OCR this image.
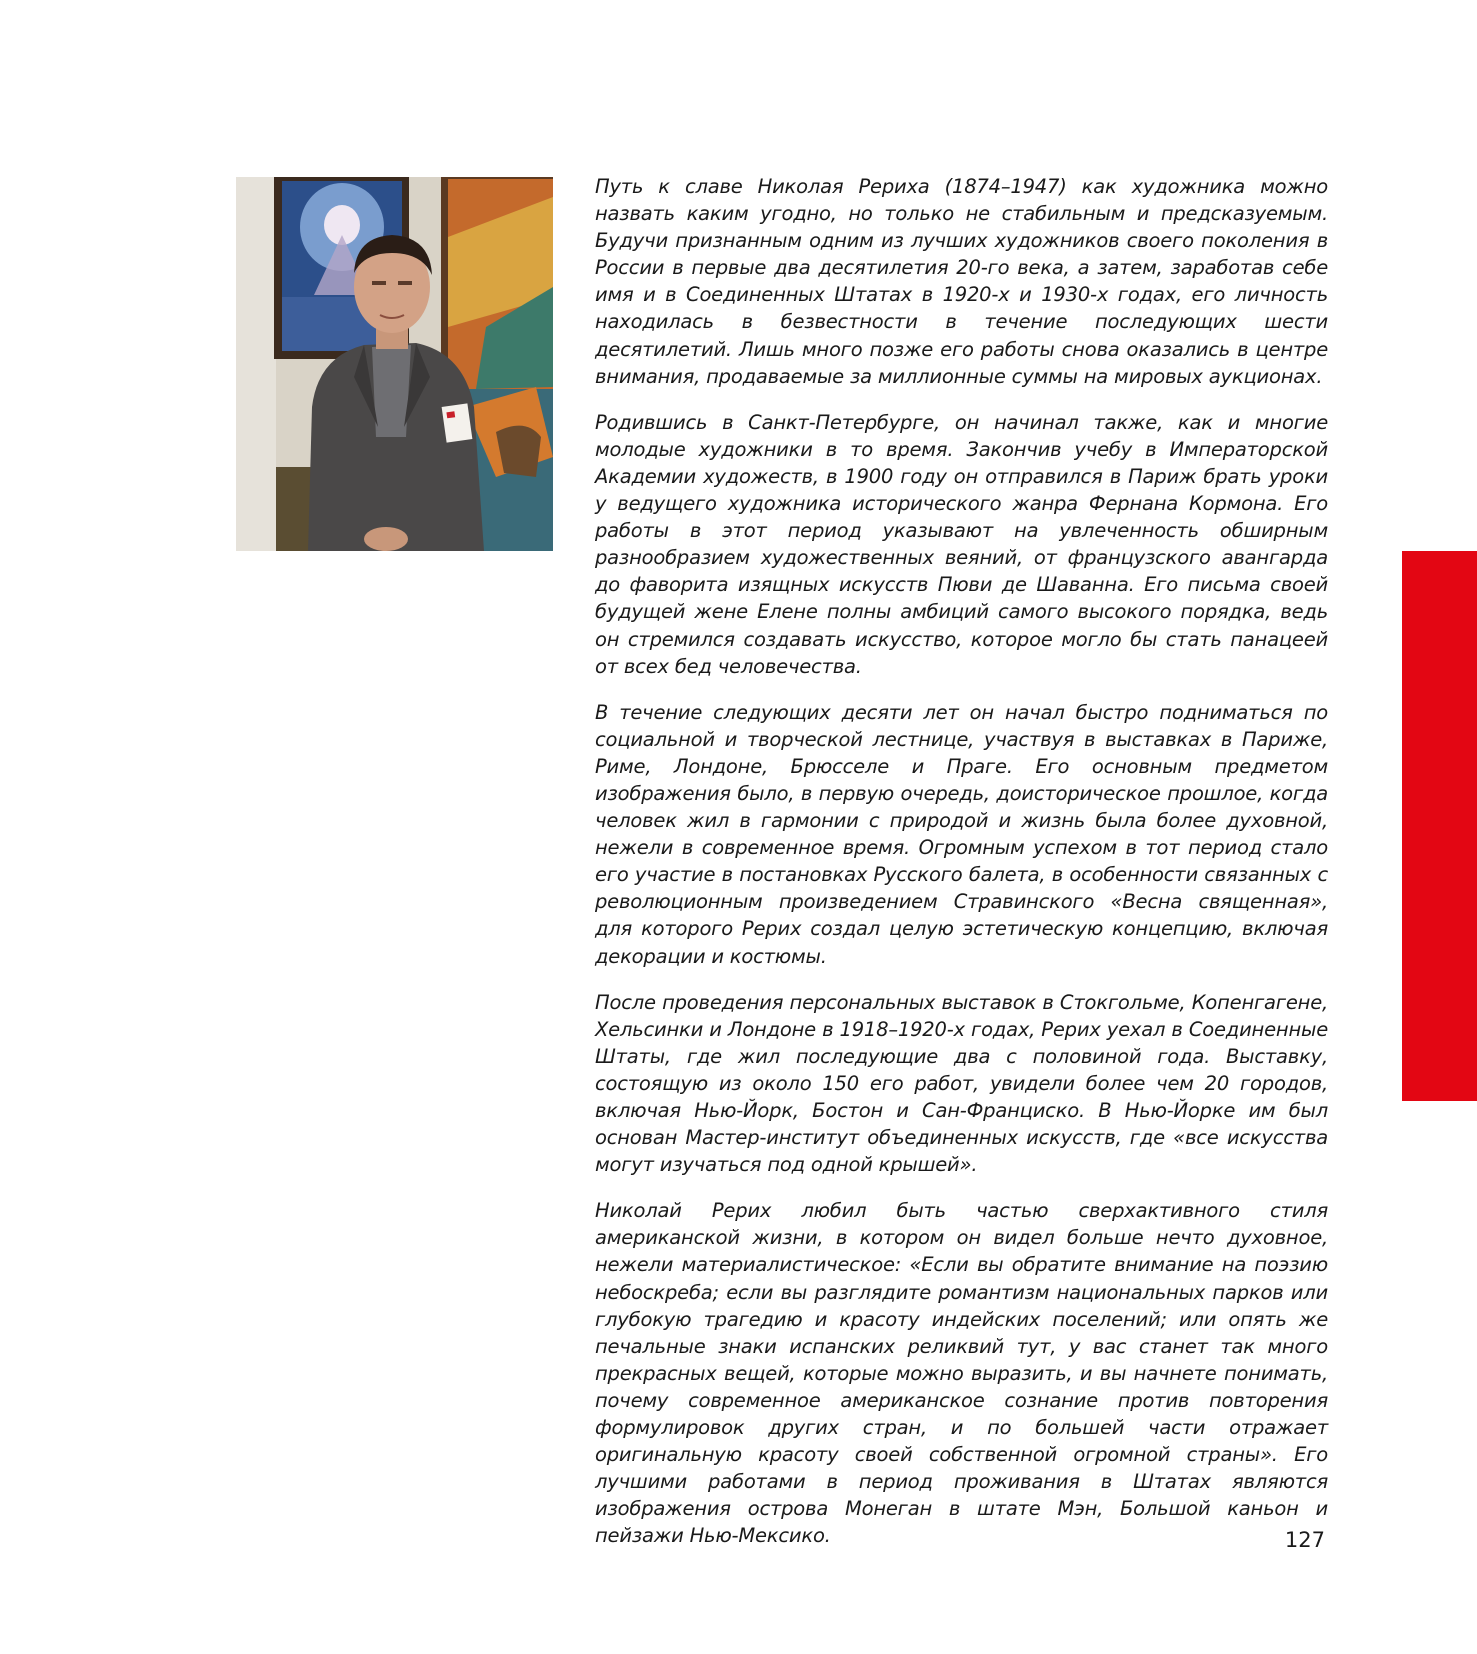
Путь к славе Николая Рериха (1874–1947) как художника можно назвать каким угодно, но только не стабильным и предсказуемым. Будучи признанным одним из лучших художников своего поколения в России в первые два десятилетия 20-го века, а затем, заработав себе имя и в Соединенных Штатах в 1920-х и 1930-х годах, его личность находилась в безвестности в течение последующих шести десятилетий. Лишь много позже его работы снова оказались в центре внимания, продаваемые за миллионные суммы на мировых аукционах.

Родившись в Санкт-Петербурге, он начинал также, как и многие молодые художники в то время. Закончив учебу в Императорской Академии художеств, в 1900 году он отправился в Париж брать уроки у ведущего художника исторического жанра Фернана Кормона. Его работы в этот период указывают на увлеченность обширным разнообразием художественных веяний, от французского авангарда до фаворита изящных искусств Пюви де Шаванна. Его письма своей будущей жене Елене полны амбиций самого высокого порядка, ведь он стремился создавать искусство, которое могло бы стать панацеей от всех бед человечества.

В течение следующих десяти лет он начал быстро подниматься по социальной и творческой лестнице, участвуя в выставках в Париже, Риме, Лондоне, Брюсселе и Праге. Его основным предметом изображения было, в первую очередь, доисторическое прошлое, когда человек жил в гармонии с природой и жизнь была более духовной, нежели в современное время. Огромным успехом в тот период стало его участие в постановках Русского балета, в особенности связанных с революционным произведением Стравинского «Весна священная», для которого Рерих создал целую эстетическую концепцию, включая декорации и костюмы.

После проведения персональных выставок в Стокгольме, Копенгагене, Хельсинки и Лондоне в 1918–1920-х годах, Рерих уехал в Соединенные Штаты, где жил последующие два с половиной года. Выставку, состоящую из около 150 его работ, увидели более чем 20 городов, включая Нью-Йорк, Бостон и Сан-Франциско. В Нью-Йорке им был основан Мастер-институт объединенных искусств, где «все искусства могут изучаться под одной крышей».

Николай Рерих любил быть частью сверхактивного стиля американской жизни, в котором он видел больше нечто духовное, нежели материалистическое: «Если вы обратите внимание на поэзию небоскреба; если вы разглядите романтизм национальных парков или глубокую трагедию и красоту индейских поселений; или опять же печальные знаки испанских реликвий тут, у вас станет так много прекрасных вещей, которые можно выразить, и вы начнете понимать, почему современное американское сознание против повторения формулировок других стран, и по большей части отражает оригинальную красоту своей собственной огромной страны». Его лучшими работами в период проживания в Штатах являются изображения острова Монеган в штате Мэн, Большой каньон и пейзажи Нью-Мексико.	127
